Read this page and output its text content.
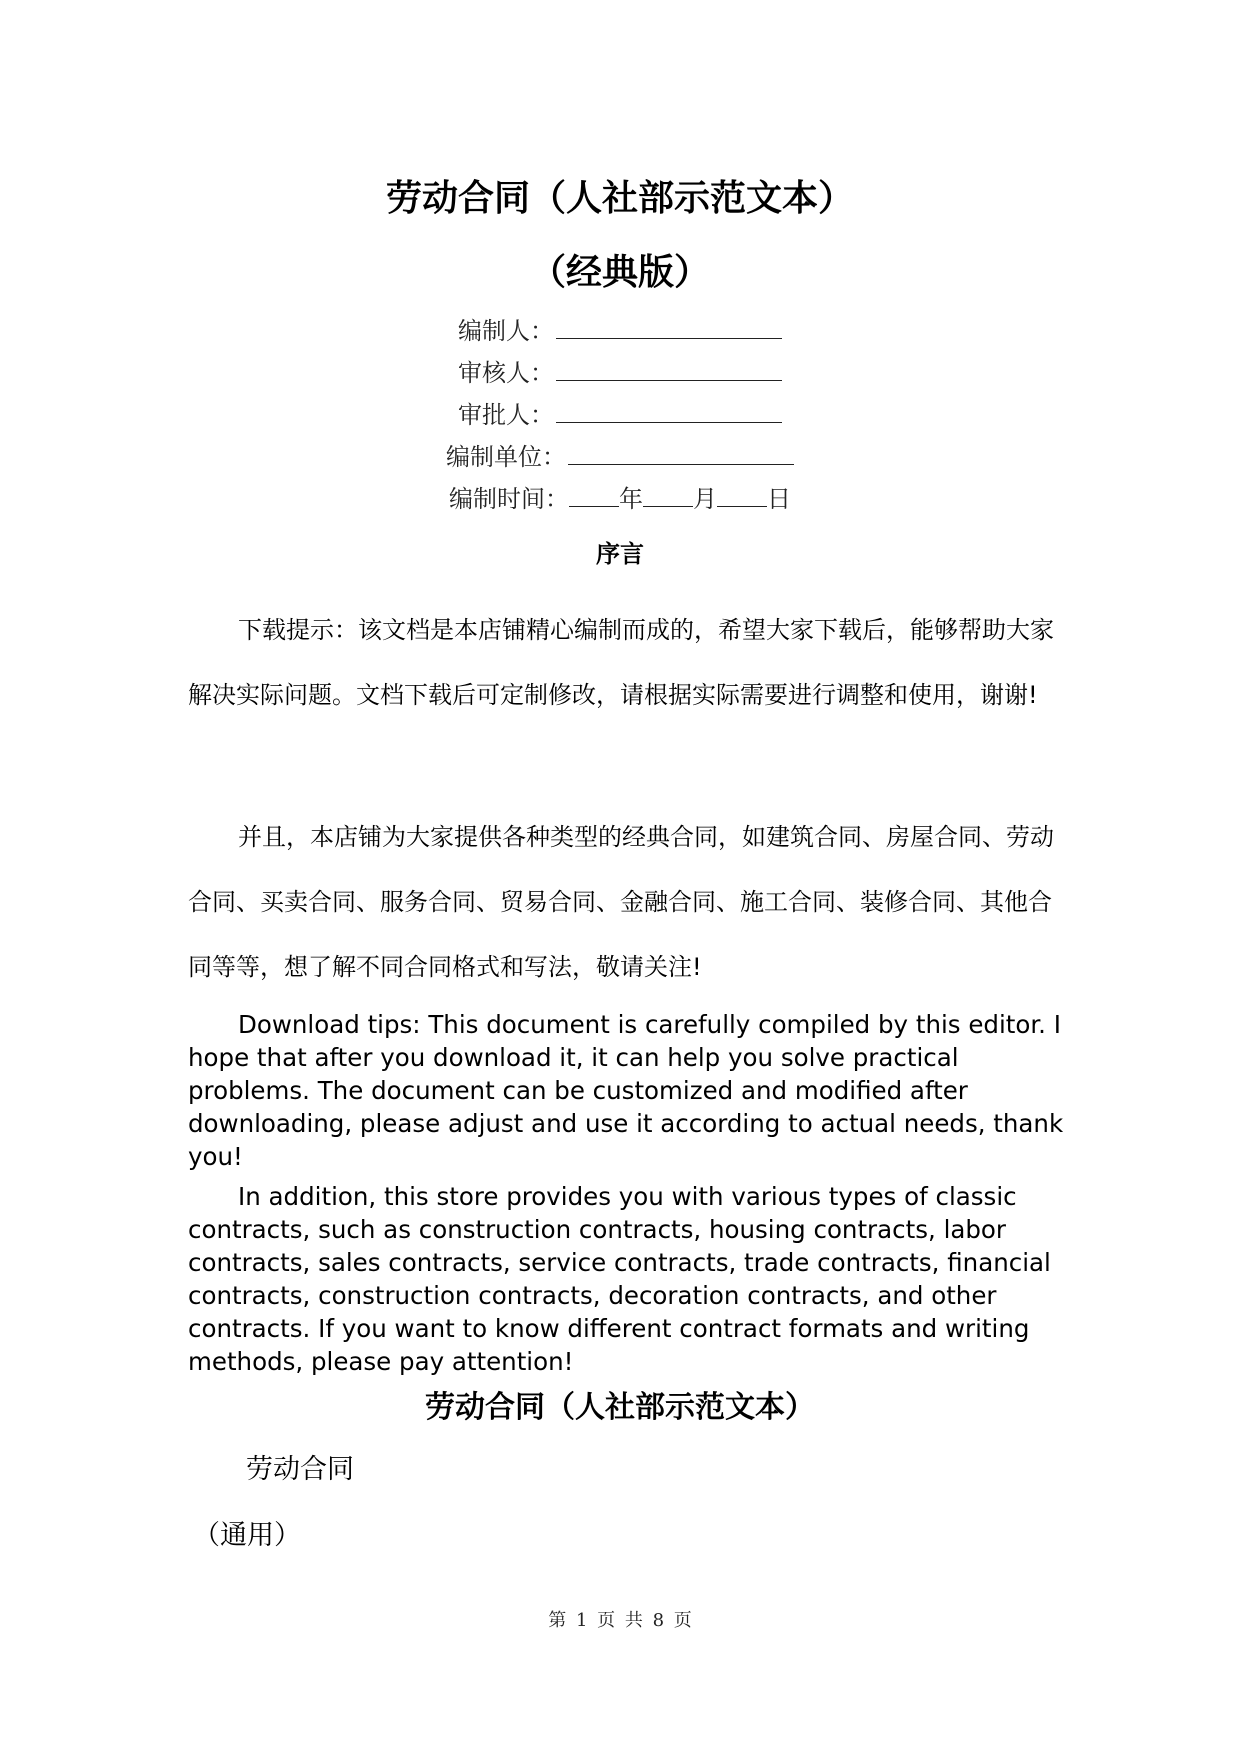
劳动合同（人社部示范文本）
（经典版）
编制人：
审核人：
审批人：
编制单位：
编制时间： 年 月 日
序言
下载提示：该文档是本店铺精心编制而成的，希望大家下载后，能够帮助大家解决实际问题。文档下载后可定制修改，请根据实际需要进行调整和使用，谢谢!
并且，本店铺为大家提供各种类型的经典合同，如建筑合同、房屋合同、劳动合同、买卖合同、服务合同、贸易合同、金融合同、施工合同、装修合同、其他合同等等，想了解不同合同格式和写法，敬请关注!
Download tips: This document is carefully compiled by this editor. I hope that after you download it, it can help you solve practical problems. The document can be customized and modified after downloading, please adjust and use it according to actual needs, thank you!
In addition, this store provides you with various types of classic contracts, such as construction contracts, housing contracts, labor contracts, sales contracts, service contracts, trade contracts, financial contracts, construction contracts, decoration contracts, and other contracts. If you want to know different contract formats and writing methods, please pay attention!
劳动合同（人社部示范文本）
劳动合同
（通用）
第 1 页 共 8 页
